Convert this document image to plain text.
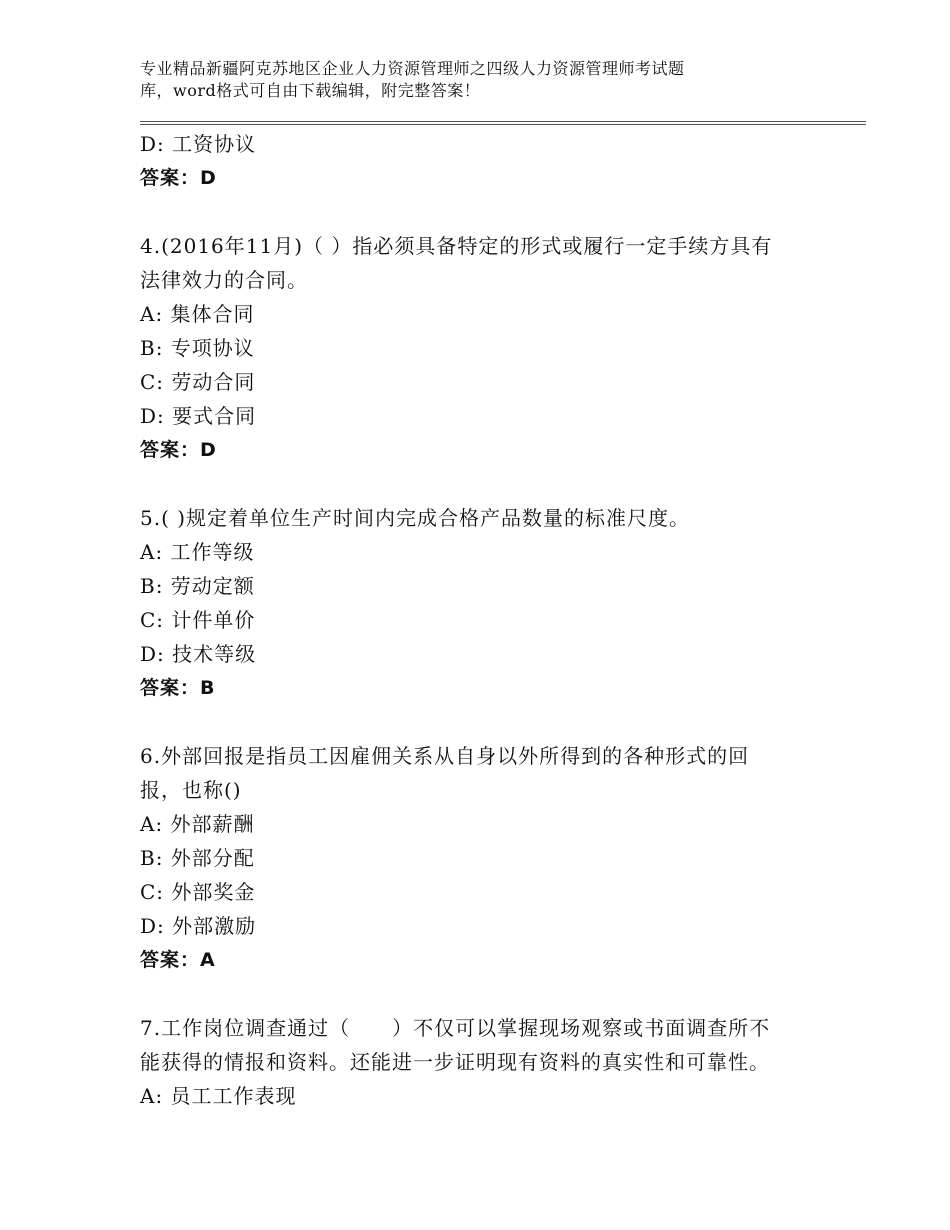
专业精品新疆阿克苏地区企业人力资源管理师之四级人力资源管理师考试题
库，word格式可自由下载编辑，附完整答案！
D: 工资协议
答案：D
4.(2016年11月)（ ）指必须具备特定的形式或履行一定手续方具有
法律效力的合同。
A: 集体合同
B: 专项协议
C: 劳动合同
D: 要式合同
答案：D
5.( )规定着单位生产时间内完成合格产品数量的标准尺度。
A: 工作等级
B: 劳动定额
C: 计件单价
D: 技术等级
答案：B
6.外部回报是指员工因雇佣关系从自身以外所得到的各种形式的回
报，也称()
A: 外部薪酬
B: 外部分配
C: 外部奖金
D: 外部激励
答案：A
7.工作岗位调查通过（　　）不仅可以掌握现场观察或书面调查所不
能获得的情报和资料。还能进一步证明现有资料的真实性和可靠性。
A: 员工工作表现
